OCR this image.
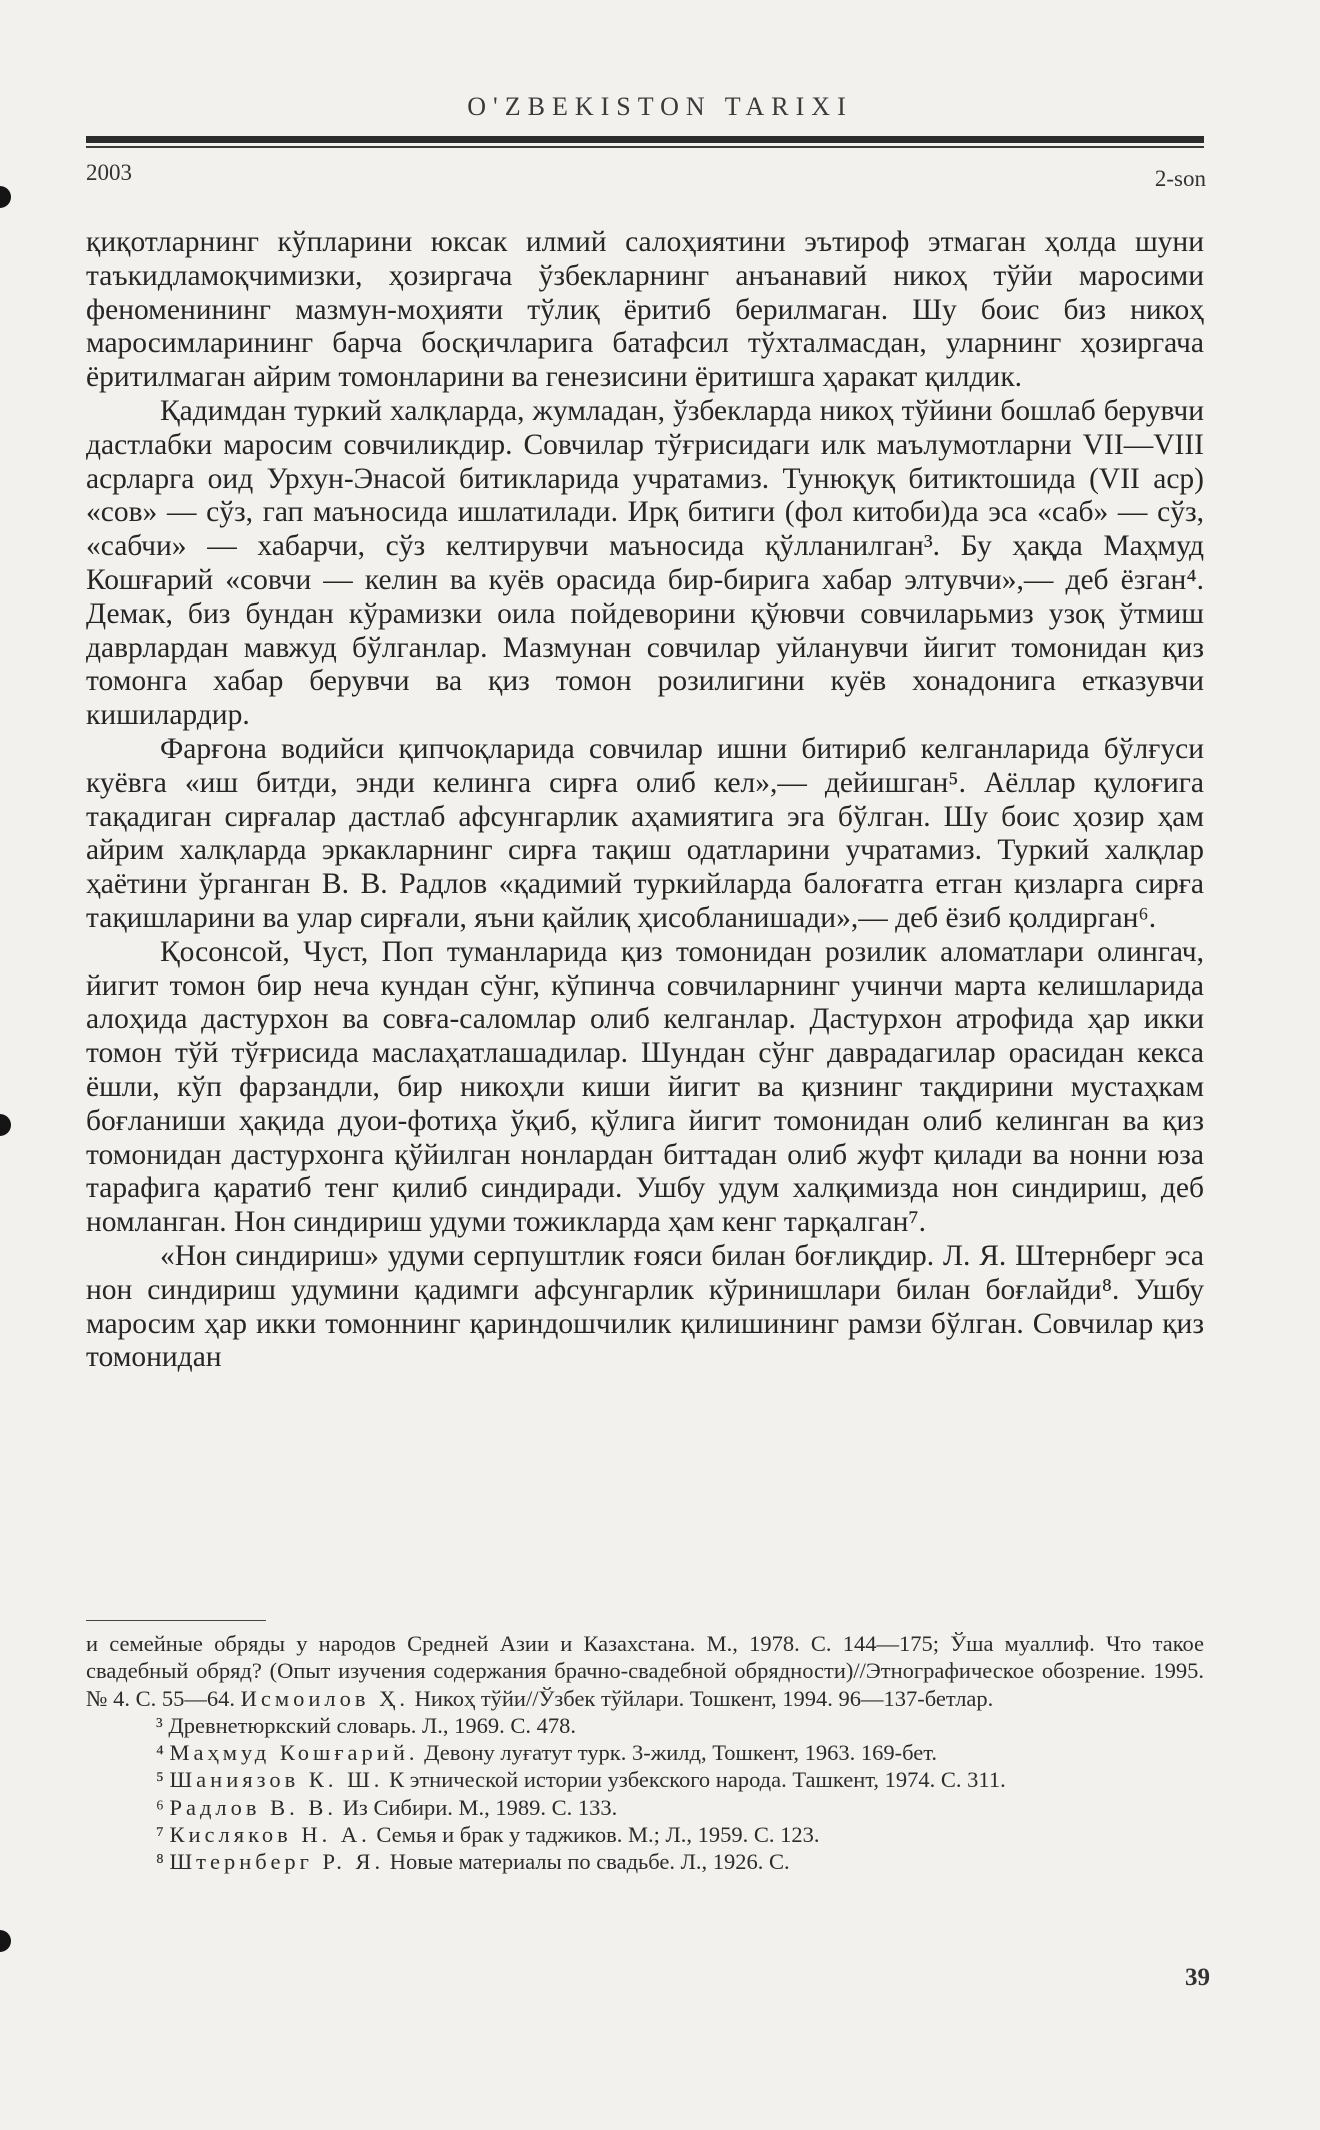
O'ZBEKISTON TARIXI
2003	2-son

қиқотларнинг кўпларини юксак илмий салоҳиятини эътироф этмаган ҳолда шуни таъкидламоқчимизки, ҳозиргача ўзбекларнинг анъанавий никоҳ тўйи маросими феноменининг мазмун-моҳияти тўлиқ ёритиб берилмаган. Шу боис биз никоҳ маросимларининг барча босқичларига батафсил тўхталмасдан, уларнинг ҳозиргача ёритилмаган айрим томонларини ва генезисини ёритишга ҳаракат қилдик.

Қадимдан туркий халқларда, жумладан, ўзбекларда никоҳ тўйини бошлаб берувчи дастлабки маросим совчиликдир. Совчилар тўғрисидаги илк маълумотларни VII—VIII асрларга оид Урхун-Энасой битикларида учратамиз. Тунюқуқ битиктошида (VII аср) «сов» — сўз, гап маъносида ишлатилади. Ирқ битиги (фол китоби)да эса «саб» — сўз, «сабчи» — хабарчи, сўз келтирувчи маъносида қўлланилган³. Бу ҳақда Маҳмуд Кошғарий «совчи — келин ва куёв орасида бир-бирига хабар элтувчи»,— деб ёзган⁴. Демак, биз бундан кўрамизки оила пойдеворини қўювчи совчиларьмиз узоқ ўтмиш даврлардан мавжуд бўлганлар. Мазмунан совчилар уйланувчи йигит томонидан қиз томонга хабар берувчи ва қиз томон розилигини куёв хонадонига етказувчи кишилардир.

Фарғона водийси қипчоқларида совчилар ишни битириб келганларида бўлғуси куёвга «иш битди, энди келинга сирға олиб кел»,— дейишган⁵. Аёллар қулоғига тақадиган сирғалар дастлаб афсунгарлик аҳамиятига эга бўлган. Шу боис ҳозир ҳам айрим халқларда эркакларнинг сирға тақиш одатларини учратамиз. Туркий халқлар ҳаётини ўрганган В. В. Радлов «қадимий туркийларда балоғатга етган қизларга сирға тақишларини ва улар сирғали, яъни қайлиқ ҳисобланишади»,— деб ёзиб қолдирган⁶.

Қосонсой, Чуст, Поп туманларида қиз томонидан розилик аломатлари олингач, йигит томон бир неча кундан сўнг, кўпинча совчиларнинг учинчи марта келишларида алоҳида дастурхон ва совға-саломлар олиб келганлар. Дастурхон атрофида ҳар икки томон тўй тўғрисида маслаҳатлашадилар. Шундан сўнг даврадагилар орасидан кекса ёшли, кўп фарзандли, бир никоҳли киши йигит ва қизнинг тақдирини мустаҳкам боғланиши ҳақида дуои-фотиҳа ўқиб, қўлига йигит томонидан олиб келинган ва қиз томонидан дастурхонга қўйилган нонлардан биттадан олиб жуфт қилади ва нонни юза тарафига қаратиб тенг қилиб синдиради. Ушбу удум халқимизда нон синдириш, деб номланган. Нон синдириш удуми тожикларда ҳам кенг тарқалган⁷.

«Нон синдириш» удуми серпуштлик ғояси билан боғлиқдир. Л. Я. Штернберг эса нон синдириш удумини қадимги афсунгарлик кўринишлари билан боғлайди⁸. Ушбу маросим ҳар икки томоннинг қариндошчилик қилишининг рамзи бўлган. Совчилар қиз томонидан

и семейные обряды у народов Средней Азии и Казахстана. М., 1978. С. 144—175; Ўша муаллиф. Что такое свадебный обряд? (Опыт изучения содержания брачно-свадебной обрядности)//Этнографическое обозрение. 1995. № 4. С. 55—64. Исмоилов Ҳ. Никоҳ тўйи//Ўзбек тўйлари. Тошкент, 1994. 96—137-бетлар.

³ Древнетюркский словарь. Л., 1969. С. 478.

⁴ Маҳмуд Кошғарий. Девону луғатут турк. 3-жилд, Тошкент, 1963. 169-бет.

⁵ Шаниязов К. Ш. К этнической истории узбекского народа. Ташкент, 1974. С. 311.

⁶ Радлов В. В. Из Сибири. М., 1989. С. 133.

⁷ Кисляков Н. А. Семья и брак у таджиков. М.; Л., 1959. С. 123.

⁸ Штернберг Р. Я. Новые материалы по свадьбе. Л., 1926. С.

39
